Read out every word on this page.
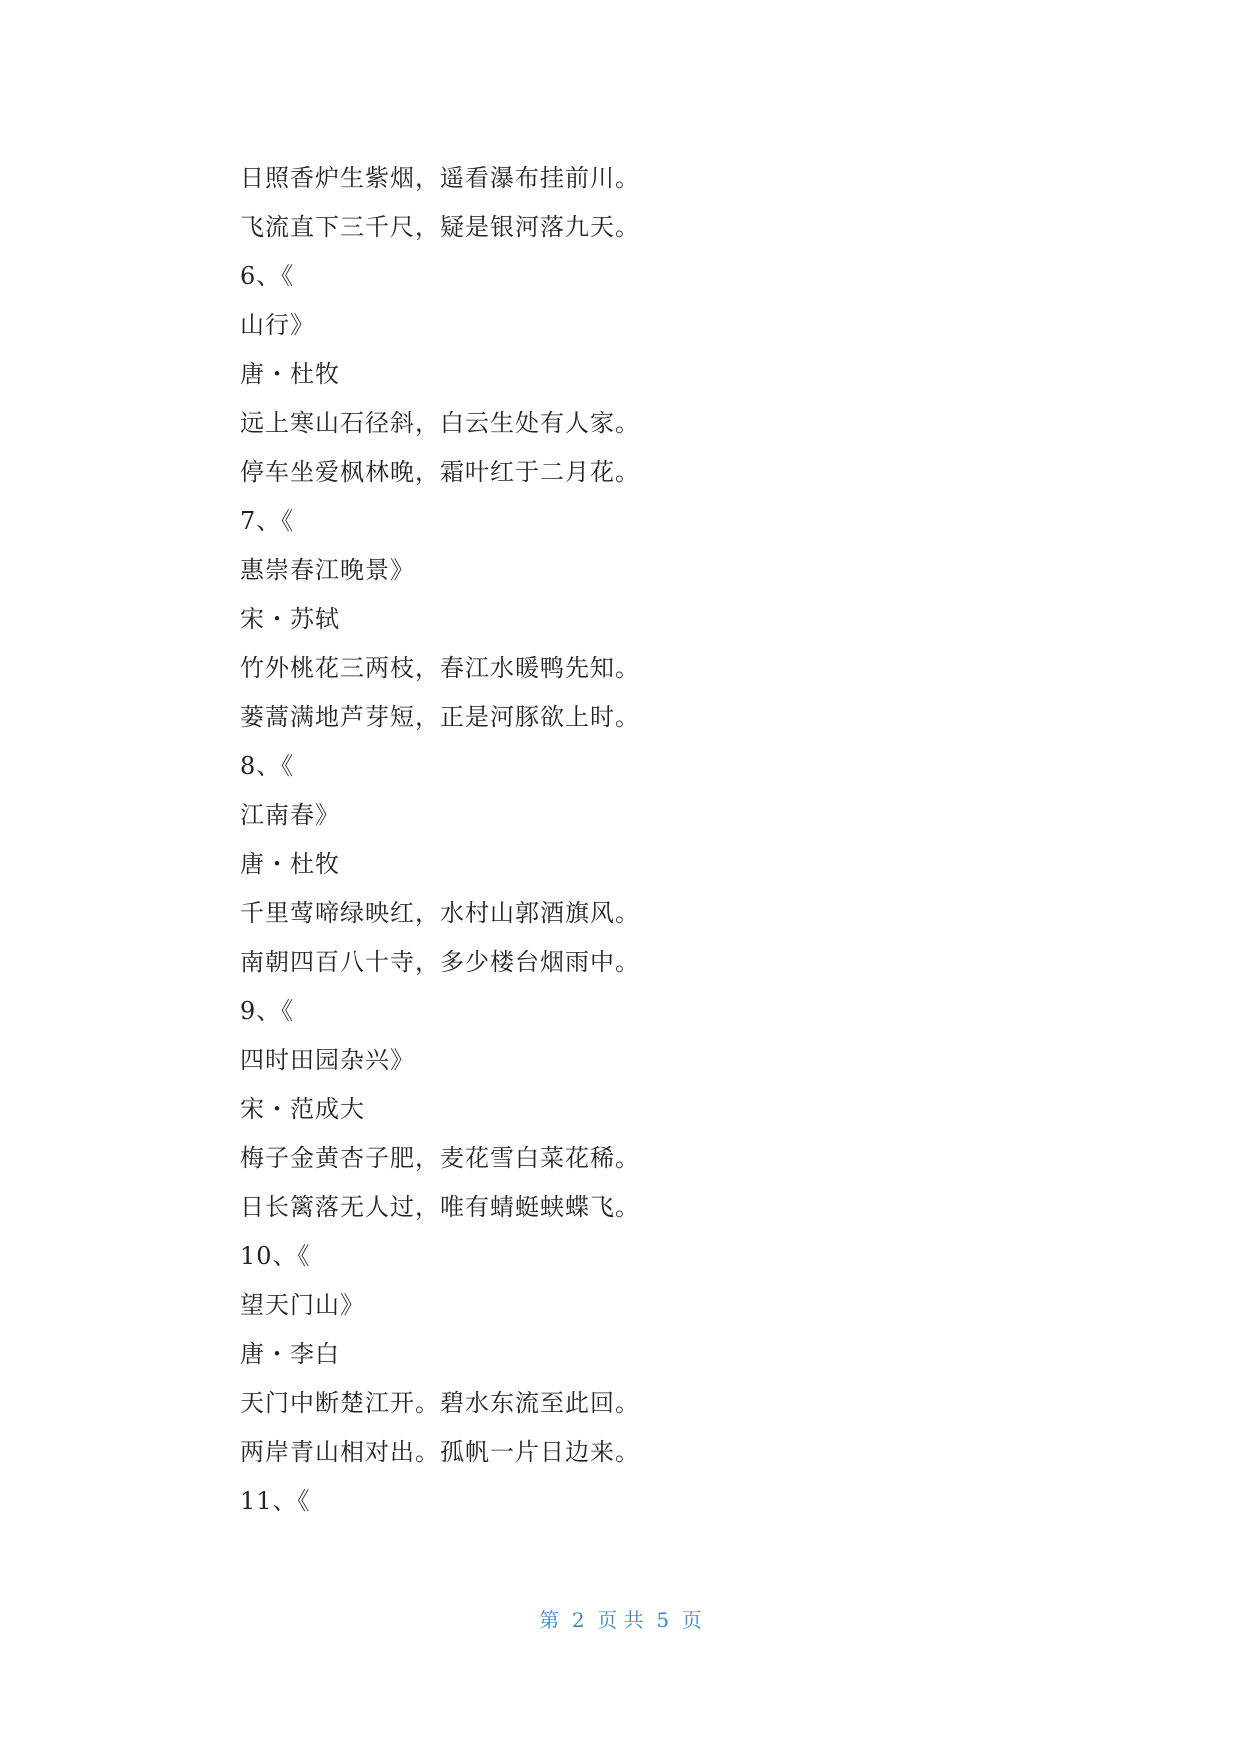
日照香炉生紫烟，遥看瀑布挂前川。
飞流直下三千尺，疑是银河落九天。
6、《
山行》
唐・杜牧
远上寒山石径斜，白云生处有人家。
停车坐爱枫林晚，霜叶红于二月花。
7、《
惠崇春江晚景》
宋・苏轼
竹外桃花三两枝，春江水暖鸭先知。
蒌蒿满地芦芽短，正是河豚欲上时。
8、《
江南春》
唐・杜牧
千里莺啼绿映红，水村山郭酒旗风。
南朝四百八十寺，多少楼台烟雨中。
9、《
四时田园杂兴》
宋・范成大
梅子金黄杏子肥，麦花雪白菜花稀。
日长篱落无人过，唯有蜻蜓蛱蝶飞。
10、《
望天门山》
唐・李白
天门中断楚江开。碧水东流至此回。
两岸青山相对出。孤帆一片日边来。
11、《
第  2  页 共  5  页
